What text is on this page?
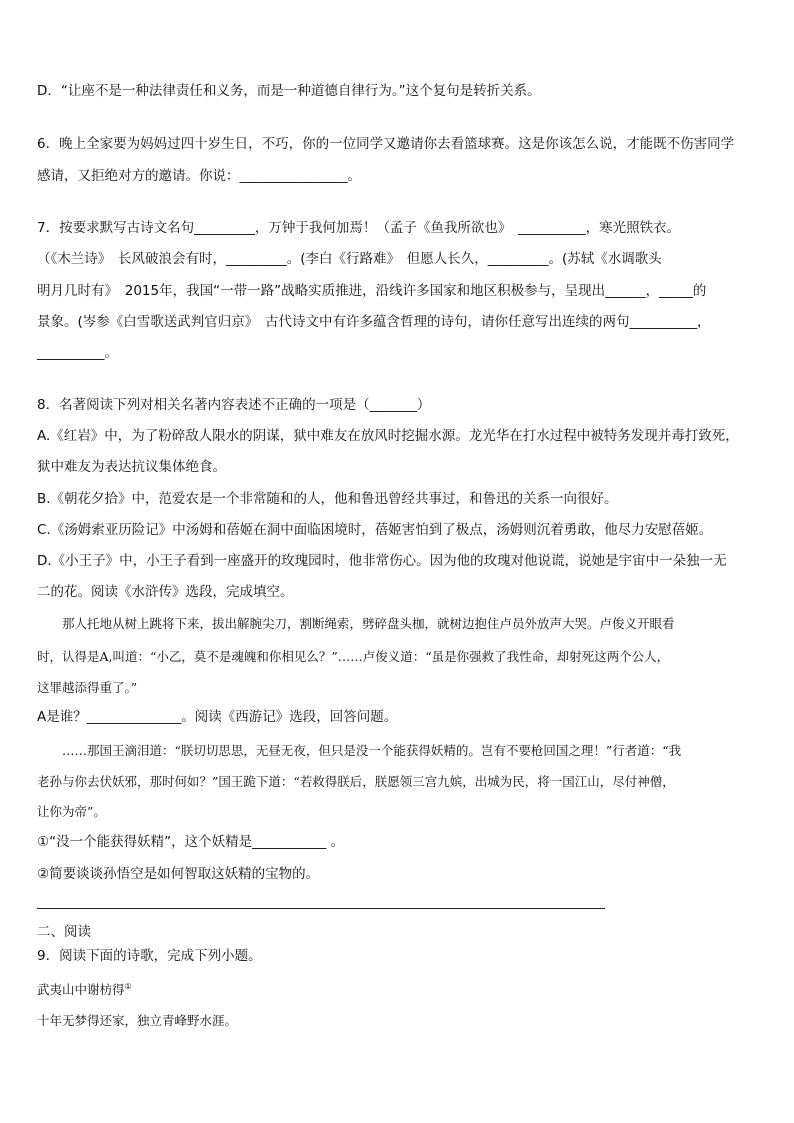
D．“让座不是一种法律责任和义务，而是一种道德自律行为。”这个复句是转折关系。
6．晚上全家要为妈妈过四十岁生日，不巧，你的一位同学又邀请你去看篮球赛。这是你该怎么说，才能既不伤害同学
感请，又拒绝对方的邀请。你说：________________。
7．按要求默写古诗文名句_________，万钟于我何加焉！（孟子《鱼我所欲也》　__________，寒光照铁衣。
（《木兰诗》　长风破浪会有时，_________。(李白《行路难》　但愿人长久，_________。(苏轼《水调歌头
明月几时有》　2015年，我国“一带一路”战略实质推进，沿线许多国家和地区积极参与，呈现出______，_____的
景象。(岑参《白雪歌送武判官归京》　古代诗文中有许多蕴含哲理的诗句，请你任意写出连续的两句__________，
__________。
8．名著阅读下列对相关名著内容表述不正确的一项是（_______）
A.《红岩》中，为了粉碎敌人限水的阴谋，狱中难友在放风时挖掘水源。龙光华在打水过程中被特务发现并毒打致死，
狱中难友为表达抗议集体绝食。
B.《朝花夕拾》中，范爱农是一个非常随和的人，他和鲁迅曾经共事过，和鲁迅的关系一向很好。
C.《汤姆索亚历险记》中汤姆和蓓姬在洞中面临困境时，蓓姬害怕到了极点，汤姆则沉着勇敢，他尽力安慰蓓姬。
D.《小王子》中，小王子看到一座盛开的玫瑰园时，他非常伤心。因为他的玫瑰对他说谎，说她是宇宙中一朵独一无
二的花。阅读《水浒传》选段，完成填空。
　　那人托地从树上跳将下来，拔出解腕尖刀，割断绳索，劈碎盘头枷，就树边抱住卢员外放声大哭。卢俊义开眼看
时，认得是A,叫道：“小乙，莫不是魂魄和你相见么？”……卢俊义道：“虽是你强救了我性命，却射死这两个公人，
这罪越添得重了。”
A是谁？______________。阅读《西游记》选段，回答问题。
　　……那国王滴泪道：“朕切切思思，无昼无夜，但只是没一个能获得妖精的。岂有不要枪回国之理！”行者道：“我
老孙与你去伏妖邪，那时何如？”国王跪下道：“若救得朕后，朕愿领三宫九嫔，出城为民，将一国江山，尽付神僧，
让你为帝”。
①“没一个能获得妖精”，这个妖精是___________ 。
②简要谈谈孙悟空是如何智取这妖精的宝物的。
二、阅读
9．阅读下面的诗歌，完成下列小题。
武夷山中谢枋得①
十年无梦得还家，独立青峰野水涯。
